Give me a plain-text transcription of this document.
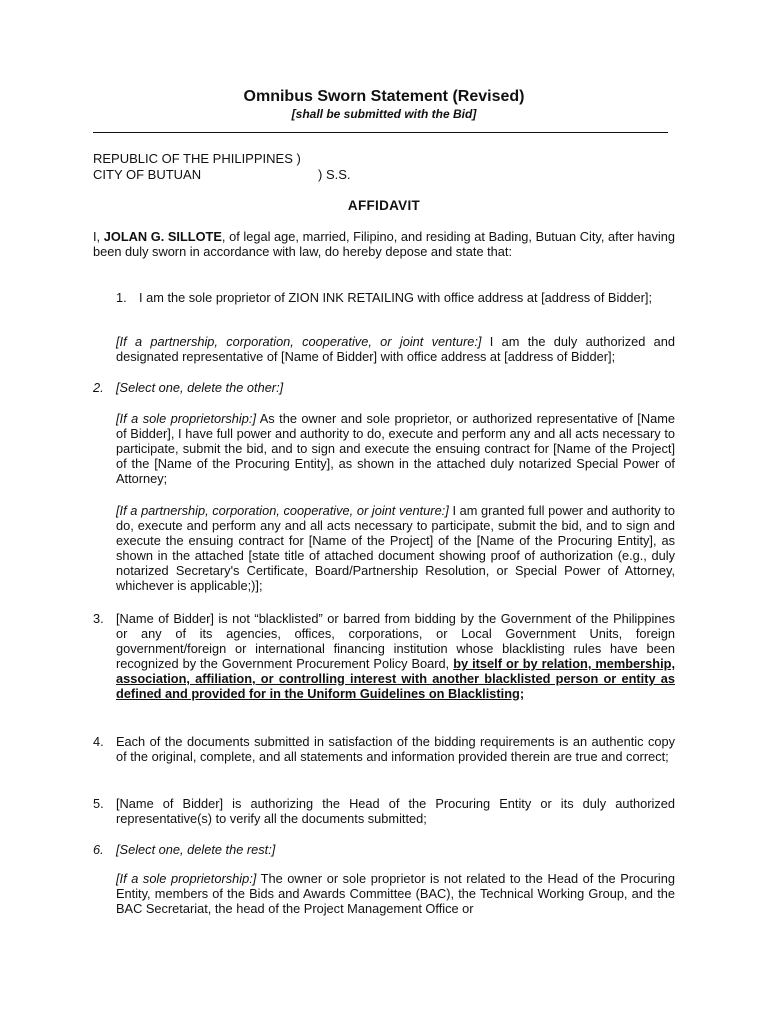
Omnibus Sworn Statement (Revised)
[shall be submitted with the Bid]
REPUBLIC OF THE PHILIPPINES )
CITY OF BUTUAN	) S.S.
AFFIDAVIT
I, JOLAN G. SILLOTE, of legal age, married, Filipino, and residing at Bading, Butuan City, after having been duly sworn in accordance with law, do hereby depose and state that:
1. I am the sole proprietor of ZION INK RETAILING with office address at [address of Bidder];
[If a partnership, corporation, cooperative, or joint venture:] I am the duly authorized and designated representative of [Name of Bidder] with office address at [address of Bidder];
2. [Select one, delete the other:]
[If a sole proprietorship:] As the owner and sole proprietor, or authorized representative of [Name of Bidder], I have full power and authority to do, execute and perform any and all acts necessary to participate, submit the bid, and to sign and execute the ensuing contract for [Name of the Project] of the [Name of the Procuring Entity], as shown in the attached duly notarized Special Power of Attorney;
[If a partnership, corporation, cooperative, or joint venture:] I am granted full power and authority to do, execute and perform any and all acts necessary to participate, submit the bid, and to sign and execute the ensuing contract for [Name of the Project] of the [Name of the Procuring Entity], as shown in the attached [state title of attached document showing proof of authorization (e.g., duly notarized Secretary's Certificate, Board/Partnership Resolution, or Special Power of Attorney, whichever is applicable;)];
3. [Name of Bidder] is not “blacklisted” or barred from bidding by the Government of the Philippines or any of its agencies, offices, corporations, or Local Government Units, foreign government/foreign or international financing institution whose blacklisting rules have been recognized by the Government Procurement Policy Board, by itself or by relation, membership, association, affiliation, or controlling interest with another blacklisted person or entity as defined and provided for in the Uniform Guidelines on Blacklisting;
4. Each of the documents submitted in satisfaction of the bidding requirements is an authentic copy of the original, complete, and all statements and information provided therein are true and correct;
5. [Name of Bidder] is authorizing the Head of the Procuring Entity or its duly authorized representative(s) to verify all the documents submitted;
6. [Select one, delete the rest:]
[If a sole proprietorship:] The owner or sole proprietor is not related to the Head of the Procuring Entity, members of the Bids and Awards Committee (BAC), the Technical Working Group, and the BAC Secretariat, the head of the Project Management Office or
